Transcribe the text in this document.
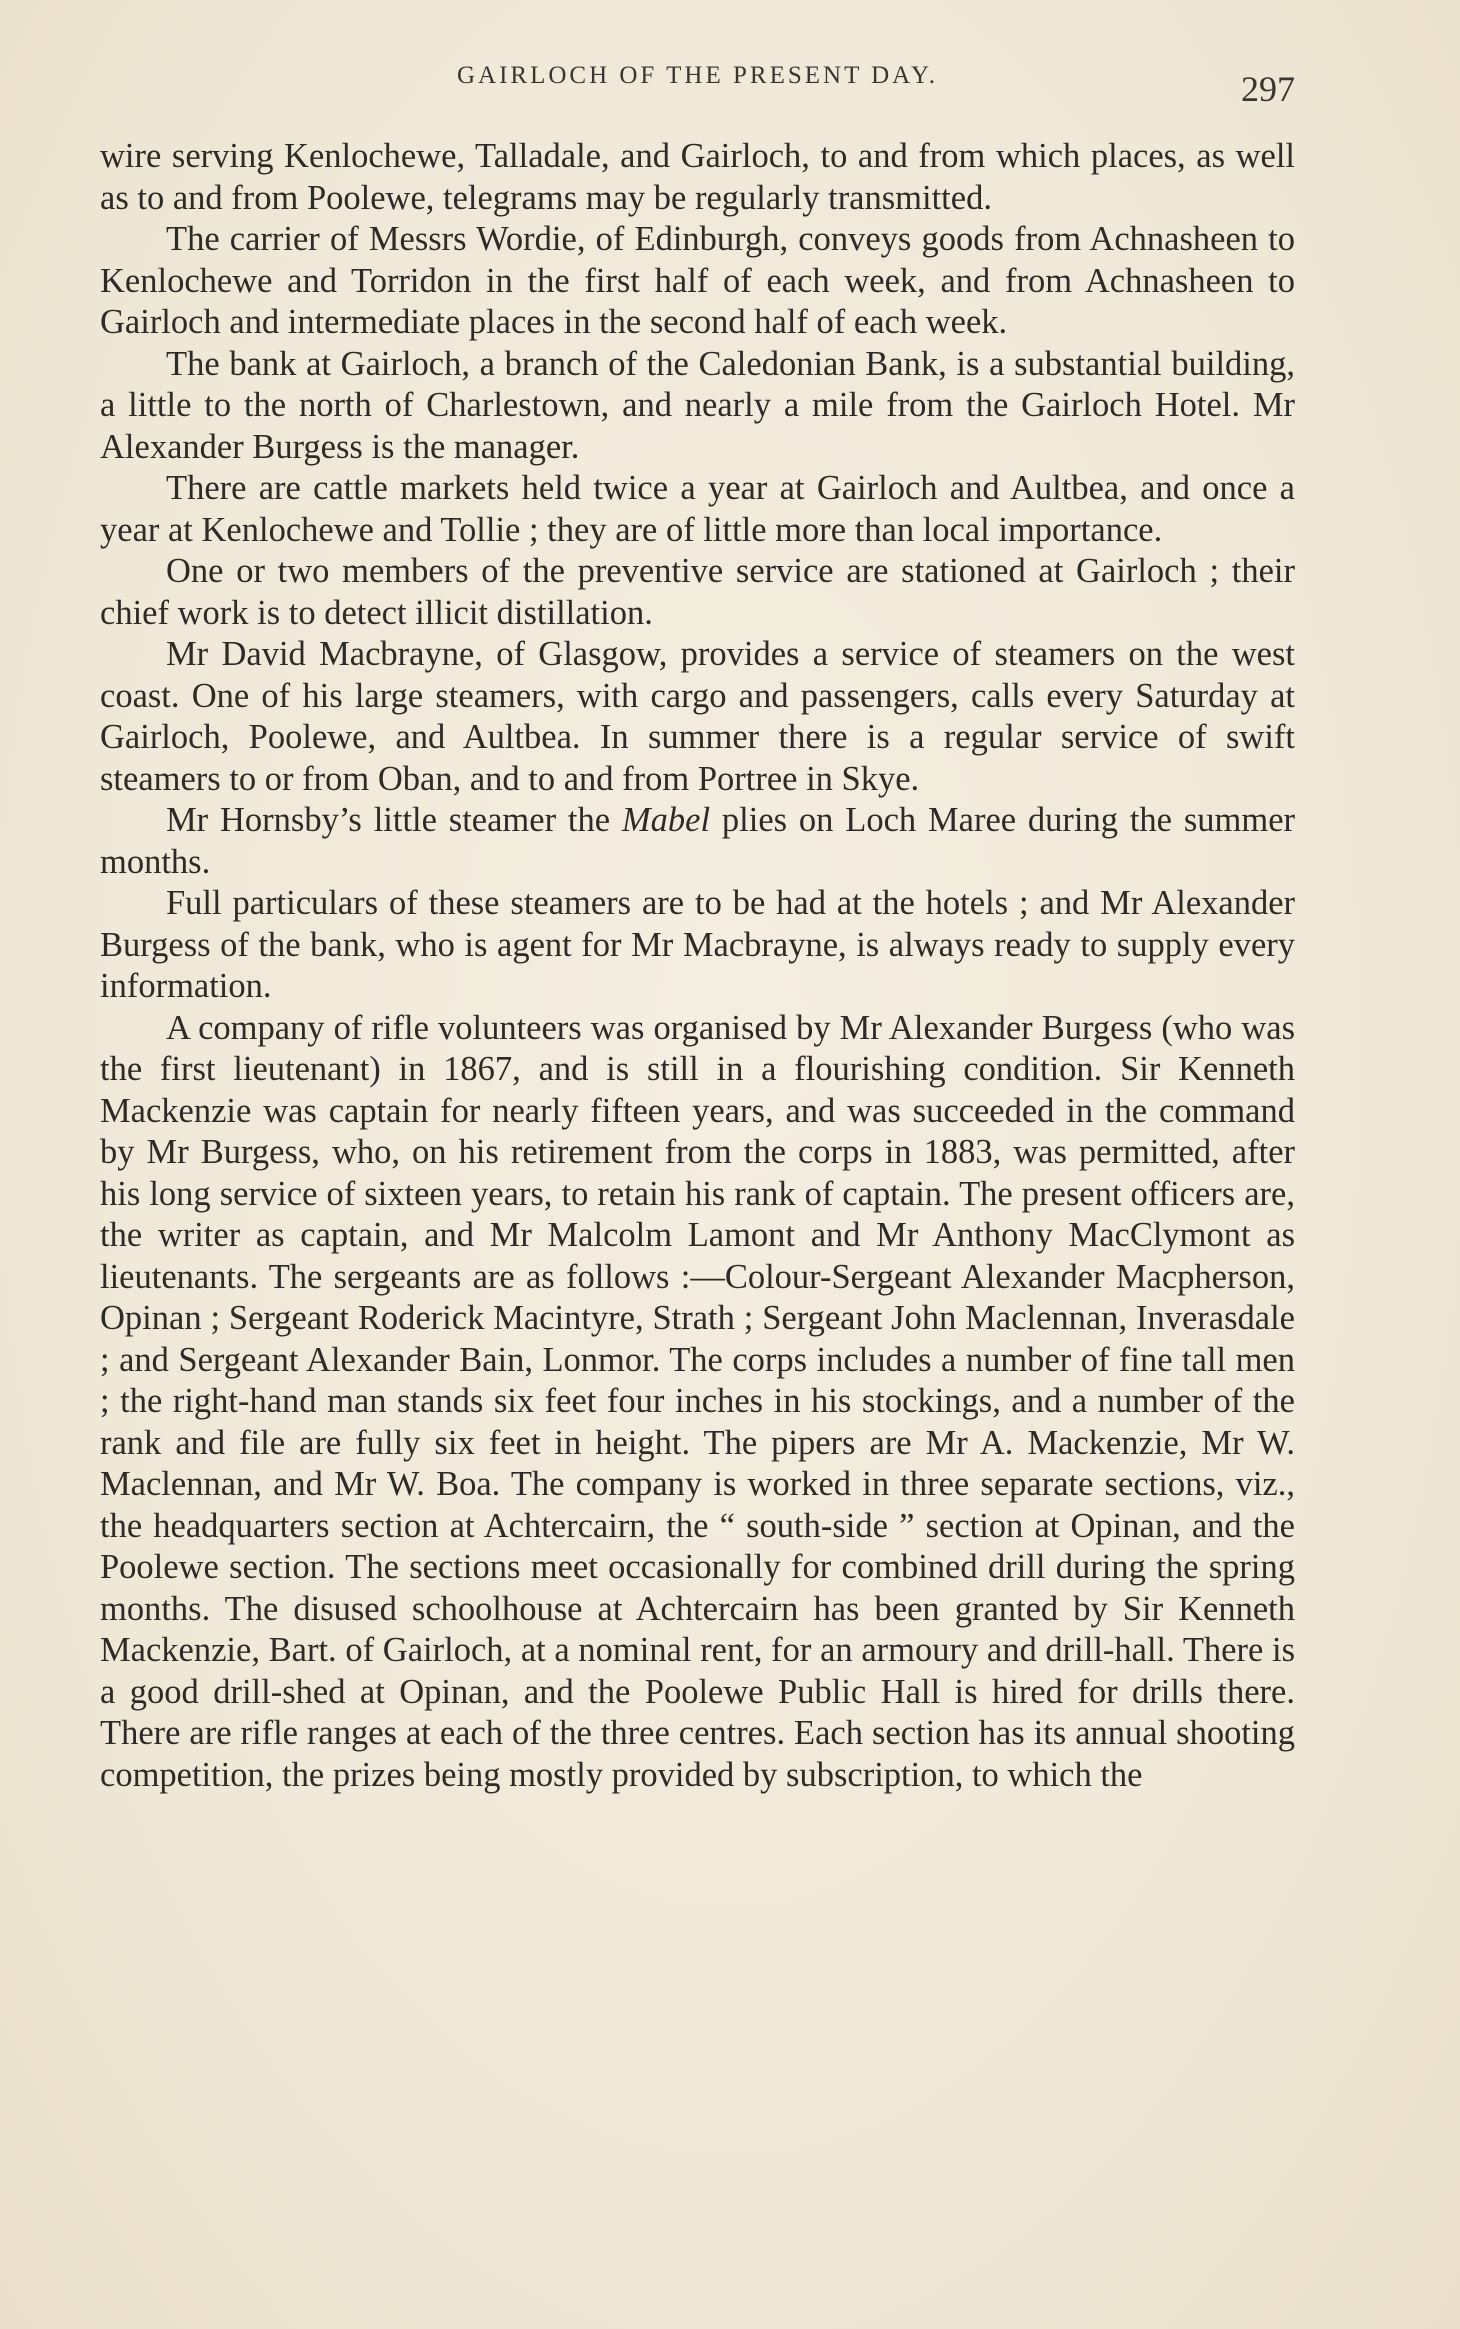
GAIRLOCH OF THE PRESENT DAY.	297

wire serving Kenlochewe, Talladale, and Gairloch, to and from which places, as well as to and from Poolewe, telegrams may be regularly transmitted.

The carrier of Messrs Wordie, of Edinburgh, conveys goods from Achnasheen to Kenlochewe and Torridon in the first half of each week, and from Achnasheen to Gairloch and intermediate places in the second half of each week.

The bank at Gairloch, a branch of the Caledonian Bank, is a substantial building, a little to the north of Charlestown, and nearly a mile from the Gairloch Hotel. Mr Alexander Burgess is the manager.

There are cattle markets held twice a year at Gairloch and Aultbea, and once a year at Kenlochewe and Tollie ; they are of little more than local importance.

One or two members of the preventive service are stationed at Gairloch ; their chief work is to detect illicit distillation.

Mr David Macbrayne, of Glasgow, provides a service of steamers on the west coast. One of his large steamers, with cargo and passengers, calls every Saturday at Gairloch, Poolewe, and Aultbea. In summer there is a regular service of swift steamers to or from Oban, and to and from Portree in Skye.

Mr Hornsby’s little steamer the Mabel plies on Loch Maree during the summer months.

Full particulars of these steamers are to be had at the hotels ; and Mr Alexander Burgess of the bank, who is agent for Mr Macbrayne, is always ready to supply every information.

A company of rifle volunteers was organised by Mr Alexander Burgess (who was the first lieutenant) in 1867, and is still in a flourishing condition. Sir Kenneth Mackenzie was captain for nearly fifteen years, and was succeeded in the command by Mr Burgess, who, on his retirement from the corps in 1883, was permitted, after his long service of sixteen years, to retain his rank of captain. The present officers are, the writer as captain, and Mr Malcolm Lamont and Mr Anthony MacClymont as lieutenants. The sergeants are as follows :—Colour-Sergeant Alexander Macpherson, Opinan ; Sergeant Roderick Macintyre, Strath ; Sergeant John Maclennan, Inverasdale ; and Sergeant Alexander Bain, Lonmor. The corps includes a number of fine tall men ; the right-hand man stands six feet four inches in his stockings, and a number of the rank and file are fully six feet in height. The pipers are Mr A. Mackenzie, Mr W. Maclennan, and Mr W. Boa. The company is worked in three separate sections, viz., the headquarters section at Achtercairn, the “ south-side ” section at Opinan, and the Poolewe section. The sections meet occasionally for combined drill during the spring months. The disused schoolhouse at Achtercairn has been granted by Sir Kenneth Mackenzie, Bart. of Gairloch, at a nominal rent, for an armoury and drill-hall. There is a good drill-shed at Opinan, and the Poolewe Public Hall is hired for drills there. There are rifle ranges at each of the three centres. Each section has its annual shooting competition, the prizes being mostly provided by subscription, to which the
